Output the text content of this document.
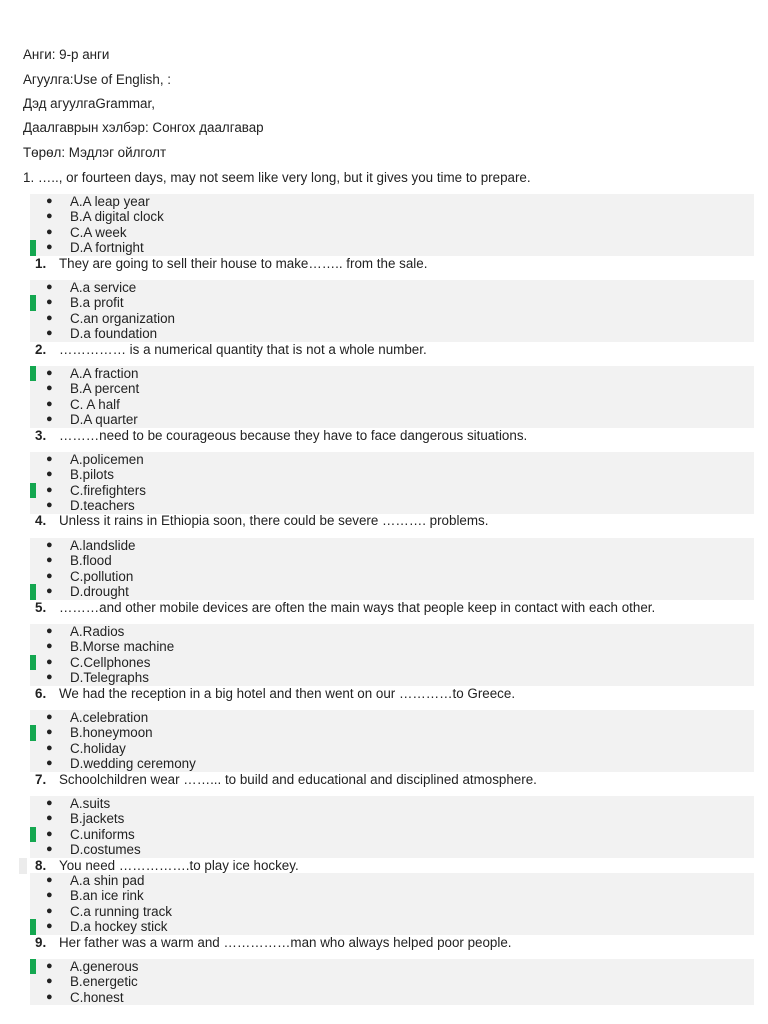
Анги: 9-р анги

Агуулга:Use of English, :

Дэд агуулгаGrammar,

Даалгаврын хэлбэр: Сонгох даалгавар

Төрөл: Мэдлэг ойлголт

1. ….., or fourteen days, may not seem like very long, but it gives you time to prepare.
● A.A leap year
● B.A digital clock
● C.A week
● D.A fortnight
1. They are going to sell their house to make…….. from the sale.
● A.a service
● B.a profit
● C.an organization
● D.a foundation
2. …………… is a numerical quantity that is not a whole number.
● A.A fraction
● B.A percent
● C. A half
● D.A quarter
3. ………need to be courageous because they have to face dangerous situations.
● A.policemen
● B.pilots
● C.firefighters
● D.teachers
4. Unless it rains in Ethiopia soon, there could be severe ………. problems.
● A.landslide
● B.flood
● C.pollution
● D.drought
5. ………and other mobile devices are often the main ways that people keep in contact with each other.
● A.Radios
● B.Morse machine
● C.Cellphones
● D.Telegraphs
6. We had the reception in a big hotel and then went on our …………to Greece.
● A.celebration
● B.honeymoon
● C.holiday
● D.wedding ceremony
7. Schoolchildren wear ……... to build and educational and disciplined atmosphere.
● A.suits
● B.jackets
● C.uniforms
● D.costumes
8. You need …………….to play ice hockey.
● A.a shin pad
● B.an ice rink
● C.a running track
● D.a hockey stick
9. Her father was a warm and ……………man who always helped poor people.
● A.generous
● B.energetic
● C.honest
